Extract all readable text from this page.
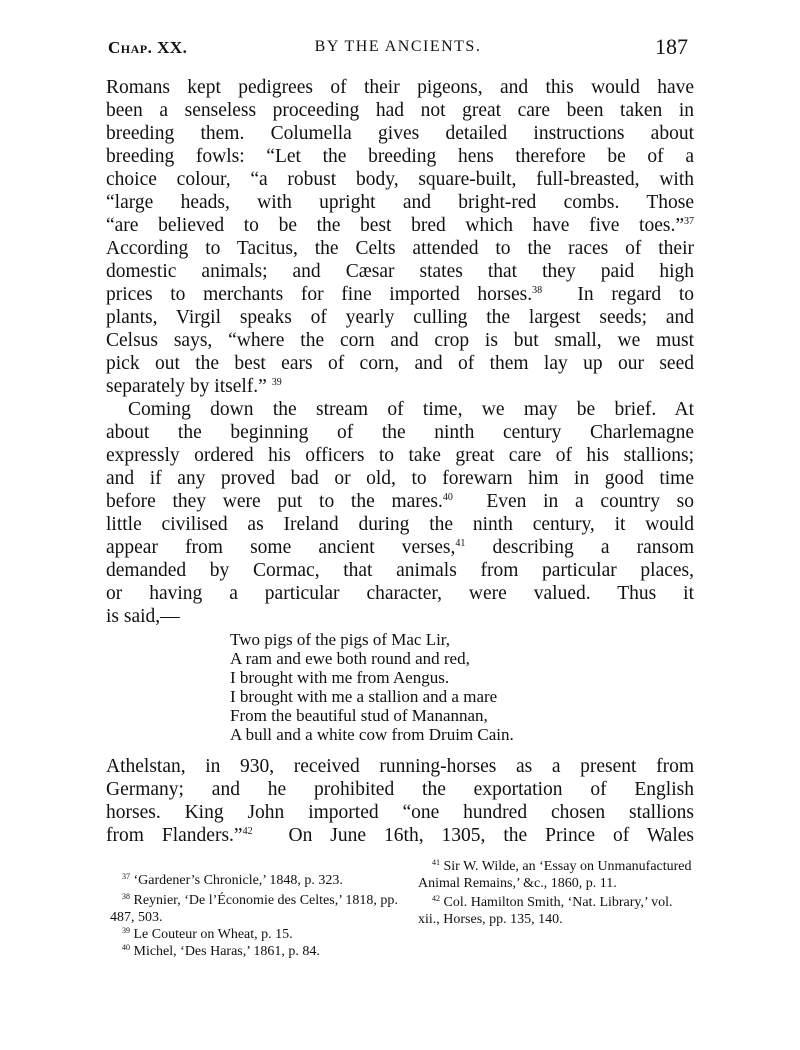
Chap. XX.	BY THE ANCIENTS.	187
Romans kept pedigrees of their pigeons, and this would have
been a senseless proceeding had not great care been taken in
breeding them. Columella gives detailed instructions about
breeding fowls: “Let the breeding hens therefore be of a
choice colour, “a robust body, square-built, full-breasted, with
“large heads, with upright and bright-red combs. Those
“are believed to be the best bred which have five toes.”$^{37}$
According to Tacitus, the Celts attended to the races of their
domestic animals; and Cæsar states that they paid high
prices to merchants for fine imported horses.$^{38}$  In regard to
plants, Virgil speaks of yearly culling the largest seeds; and
Celsus says, “where the corn and crop is but small, we must
pick out the best ears of corn, and of them lay up our seed
separately by itself.” $^{39}$
Coming down the stream of time, we may be brief. At
about the beginning of the ninth century Charlemagne
expressly ordered his officers to take great care of his stallions;
and if any proved bad or old, to forewarn him in good time
before they were put to the mares.$^{40}$  Even in a country so
little civilised as Ireland during the ninth century, it would
appear from some ancient verses,$^{41}$ describing a ransom
demanded by Cormac, that animals from particular places,
or having a particular character, were valued. Thus it
is said,—
Two pigs of the pigs of Mac Lir,
A ram and ewe both round and red,
I brought with me from Aengus.
I brought with me a stallion and a mare
From the beautiful stud of Manannan,
A bull and a white cow from Druim Cain.
Athelstan, in 930, received running-horses as a present from
Germany; and he prohibited the exportation of English
horses. King John imported “one hundred chosen stallions
from Flanders.”$^{42}$  On June 16th, 1305, the Prince of Wales
$^{37}$ ‘Gardener’s Chronicle,’ 1848, p. 323.
$^{38}$ Reynier, ‘De l’Économie des Celtes,’ 1818, pp. 487, 503.
$^{39}$ Le Couteur on Wheat, p. 15.
$^{40}$ Michel, ‘Des Haras,’ 1861, p. 84.
$^{41}$ Sir W. Wilde, an ‘Essay on Unmanufactured Animal Remains,’ &c., 1860, p. 11.
$^{42}$ Col. Hamilton Smith, ‘Nat. Library,’ vol. xii., Horses, pp. 135, 140.
